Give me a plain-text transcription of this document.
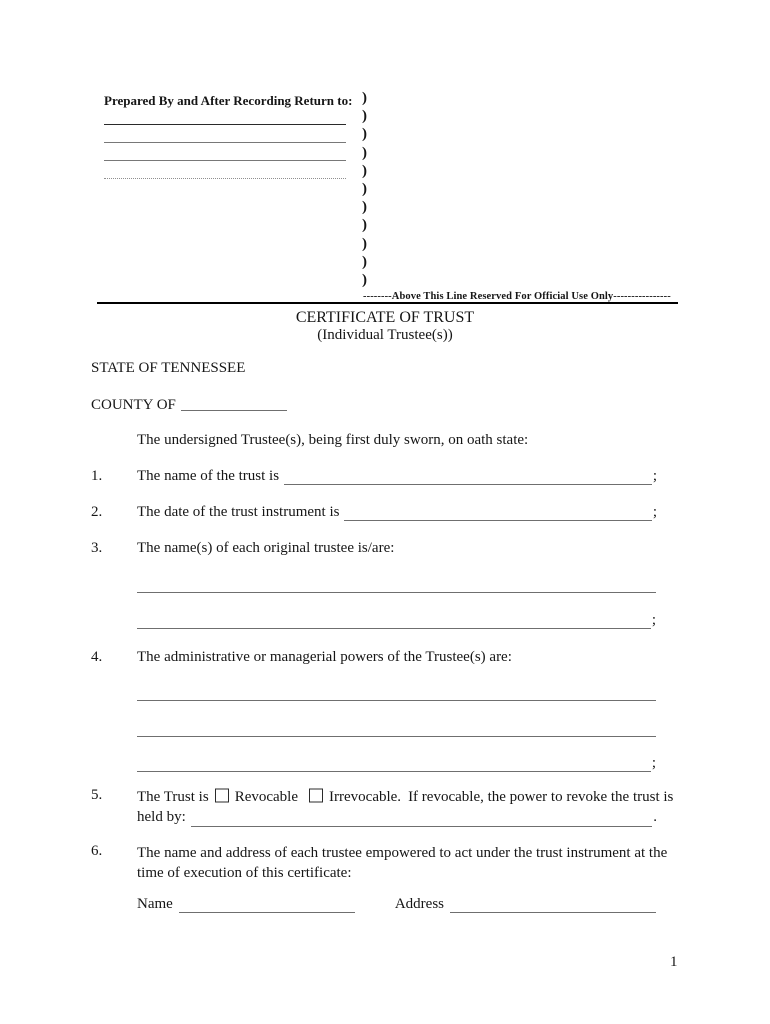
Prepared By and After Recording Return to: )
)
)
)
)
)
)
)
)
)
)
--------Above This Line Reserved For Official Use Only----------------
CERTIFICATE OF TRUST
(Individual Trustee(s))
STATE OF TENNESSEE
COUNTY OF
The undersigned Trustee(s), being first duly sworn, on oath state:
1. The name of the trust is	;
2. The date of the trust instrument is	;
3. The name(s) of each original trustee is/are:
;
4. The administrative or managerial powers of the Trustee(s) are:
;
5. The Trust is Revocable Irrevocable. If revocable, the power to revoke the trust is
held by:	.
6. The name and address of each trustee empowered to act under the trust instrument at the
time of execution of this certificate:
Name	Address
1
